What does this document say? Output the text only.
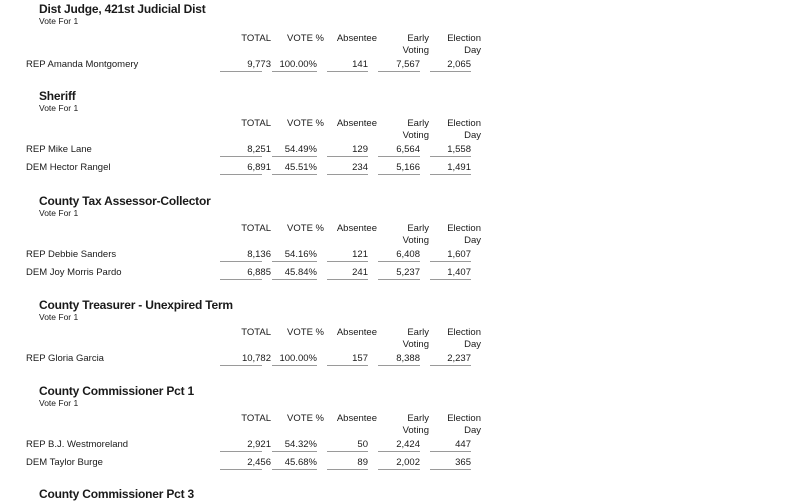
Dist Judge, 421st Judicial Dist
Vote For 1
TOTAL VOTE % Absentee	Early
Voting
Election
Day
REP Amanda Montgomery	9,773 100.00%	141	7,567	2,065
Sheriff
Vote For 1
TOTAL VOTE % Absentee	Early
Voting
Election
Day
REP Mike Lane	8,251 54.49%	129	6,564	1,558
DEM Hector Rangel	6,891 45.51%	234	5,166	1,491
County Tax Assessor-Collector
Vote For 1
TOTAL VOTE % Absentee	Early
Voting
Election
Day
REP Debbie Sanders	8,136 54.16%	121	6,408	1,607
DEM Joy Morris Pardo	6,885 45.84%	241	5,237	1,407
County Treasurer - Unexpired Term
Vote For 1
TOTAL VOTE % Absentee	Early
Voting
Election
Day
REP Gloria Garcia	10,782 100.00%	157	8,388	2,237
County Commissioner Pct 1
Vote For 1
TOTAL VOTE % Absentee	Early
Voting
Election
Day
REP B.J. Westmoreland	2,921 54.32%	50	2,424	447
DEM Taylor Burge	2,456 45.68%	89	2,002	365
County Commissioner Pct 3
